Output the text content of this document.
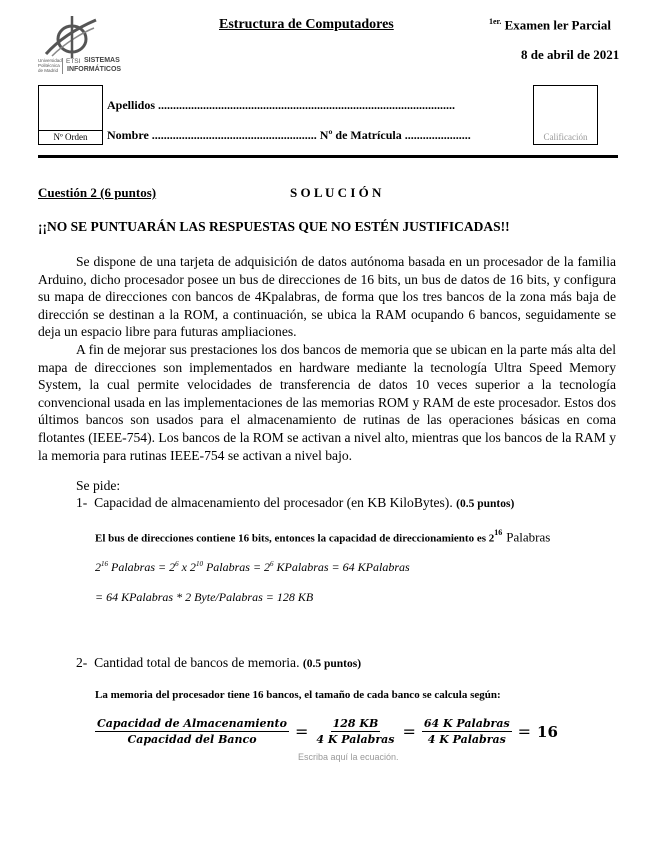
Universidad
Politécnica
de Madrid
ETSI SISTEMAS
INFORMÁTICOS
Estructura de Computadores	$^{1er.}$ Examen ler Parcial
8 de abril de 2021
Nº Orden
Apellidos ...................................................................................................
Nombre ....................................................... Nº de Matrícula ......................	Calificación
Cuestión 2 (6 puntos)	S O L U C I Ó N
¡¡NO SE PUNTUARÁN LAS RESPUESTAS QUE NO ESTÉN JUSTIFICADAS!!

Se dispone de una tarjeta de adquisición de datos autónoma basada en un procesador de la familia Arduino, dicho procesador posee un bus de direcciones de 16 bits, un bus de datos de 16 bits, y configura su mapa de direcciones con bancos de 4Kpalabras, de forma que los tres bancos de la zona más baja de dirección se destinan a la ROM, a continuación, se ubica la RAM ocupando 6 bancos, seguidamente se deja un espacio libre para futuras ampliaciones.

A fin de mejorar sus prestaciones los dos bancos de memoria que se ubican en la parte más alta del mapa de direcciones son implementados en hardware mediante la tecnología Ultra Speed Memory System, la cual permite velocidades de transferencia de datos 10 veces superior a la tecnología convencional usada en las implementaciones de las memorias ROM y RAM de este procesador. Estos dos últimos bancos son usados para el almacenamiento de rutinas de las operaciones básicas en coma flotantes (IEEE-754). Los bancos de la ROM se activan a nivel alto, mientras que los bancos de la RAM y la memoria para rutinas IEEE-754 se activan a nivel bajo.

Se pide:
1- Capacidad de almacenamiento del procesador (en KB KiloBytes). (0.5 puntos)
El bus de direcciones contiene 16 bits, entonces la capacidad de direccionamiento es $2^{16}$ Palabras
$2^{16}$ Palabras = $2^6$ x $2^{10}$ Palabras = $2^6$ KPalabras = 64 KPalabras
= 64 KPalabras * 2 Byte/Palabras = 128 KB
2- Cantidad total de bancos de memoria. (0.5 puntos)
La memoria del procesador tiene 16 bancos, el tamaño de cada banco se calcula según:
$\frac{\text{Capacidad de Almacenamiento}}{\text{Capacidad del Banco}} = \frac{128 KB}{\text{4 K Palabras}} = \frac{\text{64 K Palabras}}{\text{4 K Palabras}} = 16$
Escriba aquí la ecuación.
